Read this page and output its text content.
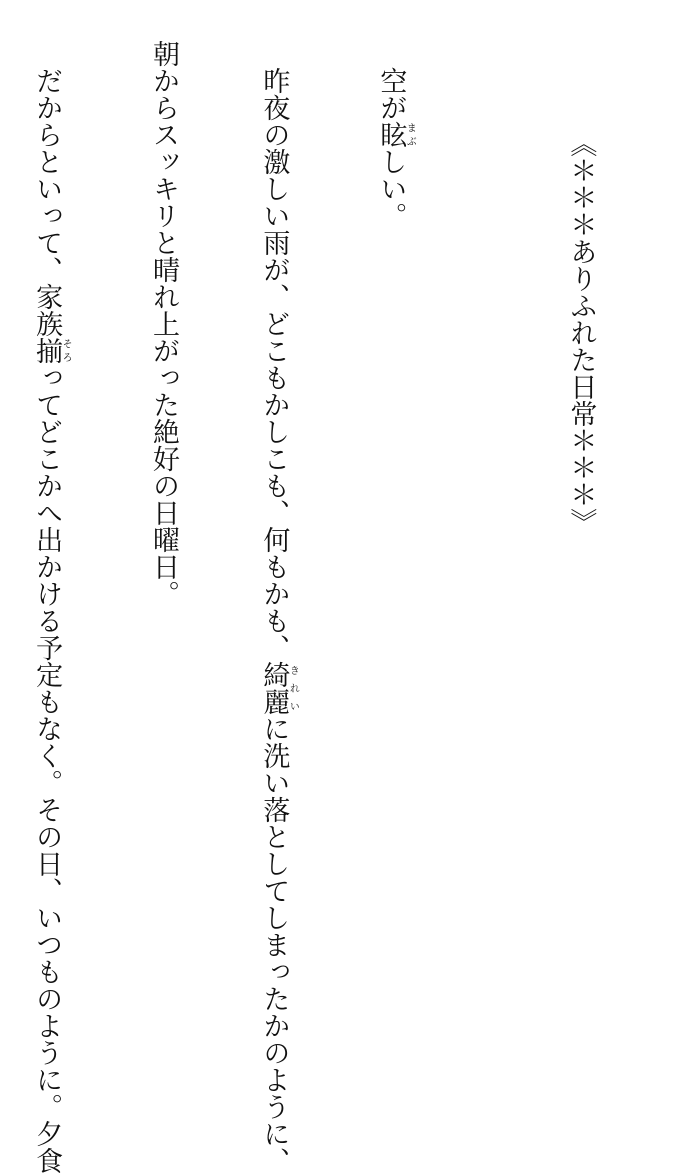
《＊＊＊ありふれた日常＊＊＊》

　空が眩まぶしい。

　昨夜の激しい雨が、どこもかしこも、何もかも、綺麗きれいに洗い落としてしまったかのように、

朝からスッキリと晴れ上がった絶好の日曜日。

　だからといって、家族揃そろってどこかへ出かける予定もなく。その日、いつものように。夕食
